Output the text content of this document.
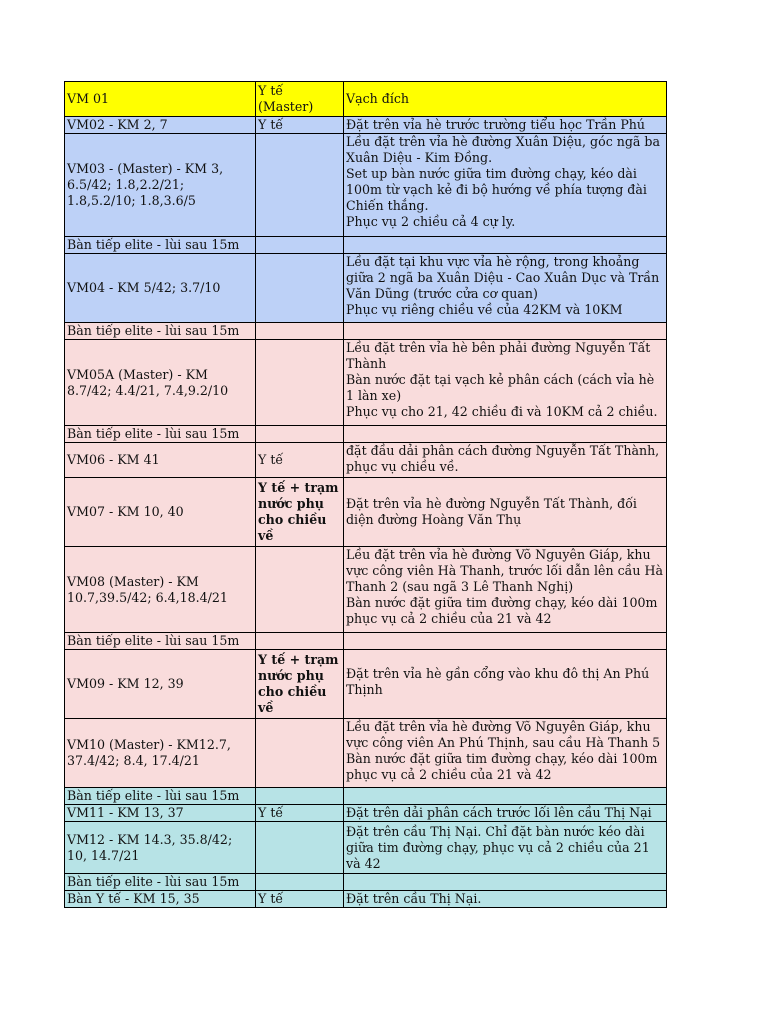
VM 01	Y tế (Master)	Vạch đích
VM02 - KM 2, 7	Y tế	Đặt trên vỉa hè trước trường tiểu học Trần Phú
VM03 - (Master) - KM 3, 6.5/42; 1.8,2.2/21; 1.8,5.2/10; 1.8,3.6/5		Lều đặt trên vỉa hè đường Xuân Diệu, góc ngã ba Xuân Diệu - Kim Đồng.
Set up bàn nước giữa tim đường chạy, kéo dài 100m từ vạch kẻ đi bộ hướng về phía tượng đài Chiến thắng.
Phục vụ 2 chiều cả 4 cự ly.
Bàn tiếp elite - lùi sau 15m		
VM04 - KM 5/42; 3.7/10		Lều đặt tại khu vực vỉa hè rộng, trong khoảng giữa 2 ngã ba Xuân Diệu - Cao Xuân Dục và Trần Văn Dũng (trước cửa cơ quan)
Phục vụ riêng chiều về của 42KM và 10KM
Bàn tiếp elite - lùi sau 15m		
VM05A (Master) - KM 8.7/42; 4.4/21, 7.4,9.2/10		Lều đặt trên vỉa hè bên phải đường Nguyễn Tất Thành
Bàn nước đặt tại vạch kẻ phân cách (cách vỉa hè 1 làn xe)
Phục vụ cho 21, 42 chiều đi và 10KM cả 2 chiều.
Bàn tiếp elite - lùi sau 15m		
VM06 - KM 41	Y tế	đặt đầu dải phân cách đường Nguyễn Tất Thành, phục vụ chiều về.
VM07 - KM 10, 40	Y tế + trạm nước phụ cho chiều về	Đặt trên vỉa hè đường Nguyễn Tất Thành, đối diện đường Hoàng Văn Thụ
VM08 (Master) - KM 10.7,39.5/42; 6.4,18.4/21		Lều đặt trên vỉa hè đường Võ Nguyên Giáp, khu vực công viên Hà Thanh, trước lối dẫn lên cầu Hà Thanh 2 (sau ngã 3 Lê Thanh Nghị)
Bàn nước đặt giữa tim đường chạy, kéo dài 100m phục vụ cả 2 chiều của 21 và 42
Bàn tiếp elite - lùi sau 15m		
VM09 - KM 12, 39	Y tế + trạm nước phụ cho chiều về	Đặt trên vỉa hè gần cổng vào khu đô thị An Phú Thịnh
VM10 (Master) - KM12.7, 37.4/42; 8.4, 17.4/21		Lều đặt trên vỉa hè đường Võ Nguyên Giáp, khu vực công viên An Phú Thịnh, sau cầu Hà Thanh 5
Bàn nước đặt giữa tim đường chạy, kéo dài 100m phục vụ cả 2 chiều của 21 và 42
Bàn tiếp elite - lùi sau 15m		
VM11 - KM 13, 37	Y tế	Đặt trên dải phân cách trước lối lên cầu Thị Nại
VM12 - KM 14.3, 35.8/42; 10, 14.7/21		Đặt trên cầu Thị Nại. Chỉ đặt bàn nước kéo dài giữa tim đường chạy, phục vụ cả 2 chiều của 21 và 42
Bàn tiếp elite - lùi sau 15m		
Bàn Y tế - KM 15, 35	Y tế	Đặt trên cầu Thị Nại.
